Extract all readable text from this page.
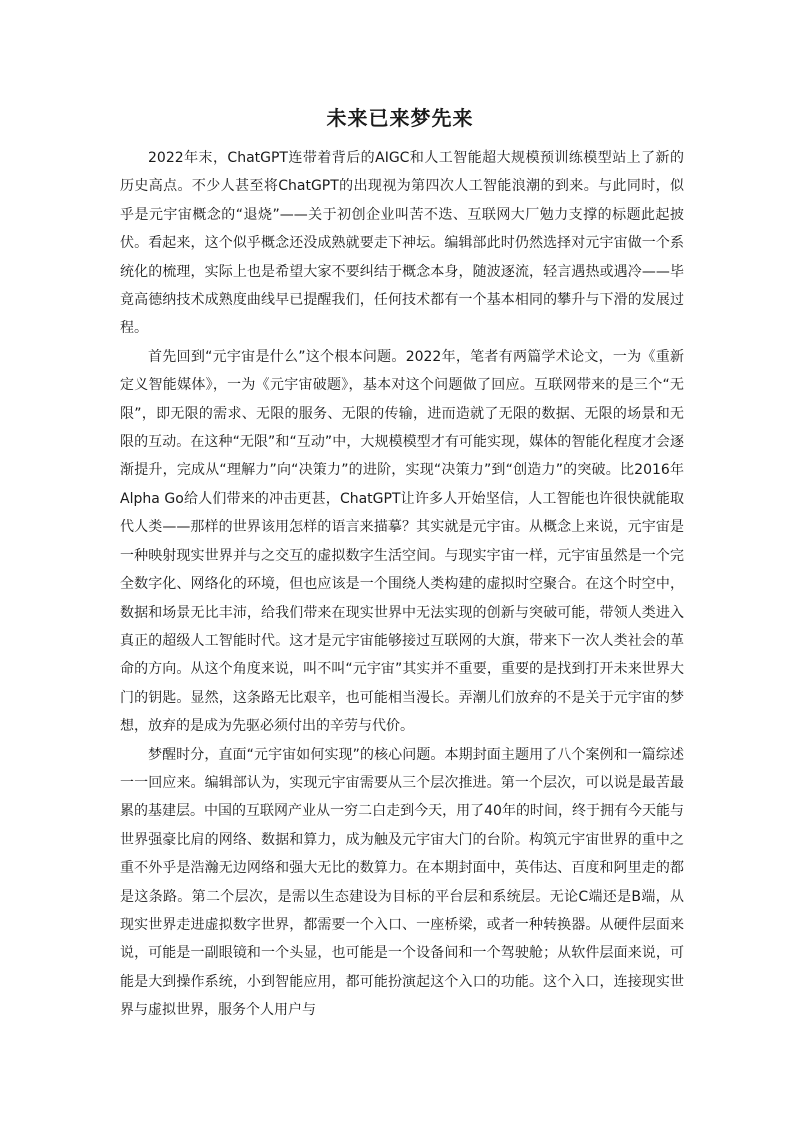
未来已来梦先来

2022年末，ChatGPT连带着背后的AIGC和人工智能超大规模预训练模型站上了新的历史高点。不少人甚至将ChatGPT的出现视为第四次人工智能浪潮的到来。与此同时，似乎是元宇宙概念的“退烧”——关于初创企业叫苦不迭、互联网大厂勉力支撑的标题此起披伏。看起来，这个似乎概念还没成熟就要走下神坛。编辑部此时仍然选择对元宇宙做一个系统化的梳理，实际上也是希望大家不要纠结于概念本身，随波逐流，轻言遇热或遇冷——毕竟高德纳技术成熟度曲线早已提醒我们，任何技术都有一个基本相同的攀升与下滑的发展过程。

首先回到“元宇宙是什么”这个根本问题。2022年，笔者有两篇学术论文，一为《重新定义智能媒体》，一为《元宇宙破题》，基本对这个问题做了回应。互联网带来的是三个“无限”，即无限的需求、无限的服务、无限的传输，进而造就了无限的数据、无限的场景和无限的互动。在这种“无限”和“互动”中，大规模模型才有可能实现，媒体的智能化程度才会逐渐提升，完成从“理解力”向“决策力”的进阶，实现“决策力”到“创造力”的突破。比2016年Alpha Go给人们带来的冲击更甚，ChatGPT让许多人开始坚信，人工智能也许很快就能取代人类——那样的世界该用怎样的语言来描摹？其实就是元宇宙。从概念上来说，元宇宙是一种映射现实世界并与之交互的虚拟数字生活空间。与现实宇宙一样，元宇宙虽然是一个完全数字化、网络化的环境，但也应该是一个围绕人类构建的虚拟时空聚合。在这个时空中，数据和场景无比丰沛，给我们带来在现实世界中无法实现的创新与突破可能，带领人类进入真正的超级人工智能时代。这才是元宇宙能够接过互联网的大旗，带来下一次人类社会的革命的方向。从这个角度来说，叫不叫“元宇宙”其实并不重要，重要的是找到打开未来世界大门的钥匙。显然，这条路无比艰辛，也可能相当漫长。弄潮儿们放弃的不是关于元宇宙的梦想，放弃的是成为先驱必须付出的辛劳与代价。

梦醒时分，直面“元宇宙如何实现”的核心问题。本期封面主题用了八个案例和一篇综述一一回应来。编辑部认为，实现元宇宙需要从三个层次推进。第一个层次，可以说是最苦最累的基建层。中国的互联网产业从一穷二白走到今天，用了40年的时间，终于拥有今天能与世界强豪比肩的网络、数据和算力，成为触及元宇宙大门的台阶。构筑元宇宙世界的重中之重不外乎是浩瀚无边网络和强大无比的数算力。在本期封面中，英伟达、百度和阿里走的都是这条路。第二个层次，是需以生态建设为目标的平台层和系统层。无论C端还是B端，从现实世界走进虚拟数字世界，都需要一个入口、一座桥梁，或者一种转换器。从硬件层面来说，可能是一副眼镜和一个头显，也可能是一个设备间和一个驾驶舱；从软件层面来说，可能是大到操作系统，小到智能应用，都可能扮演起这个入口的功能。这个入口，连接现实世界与虚拟世界，服务个人用户与
